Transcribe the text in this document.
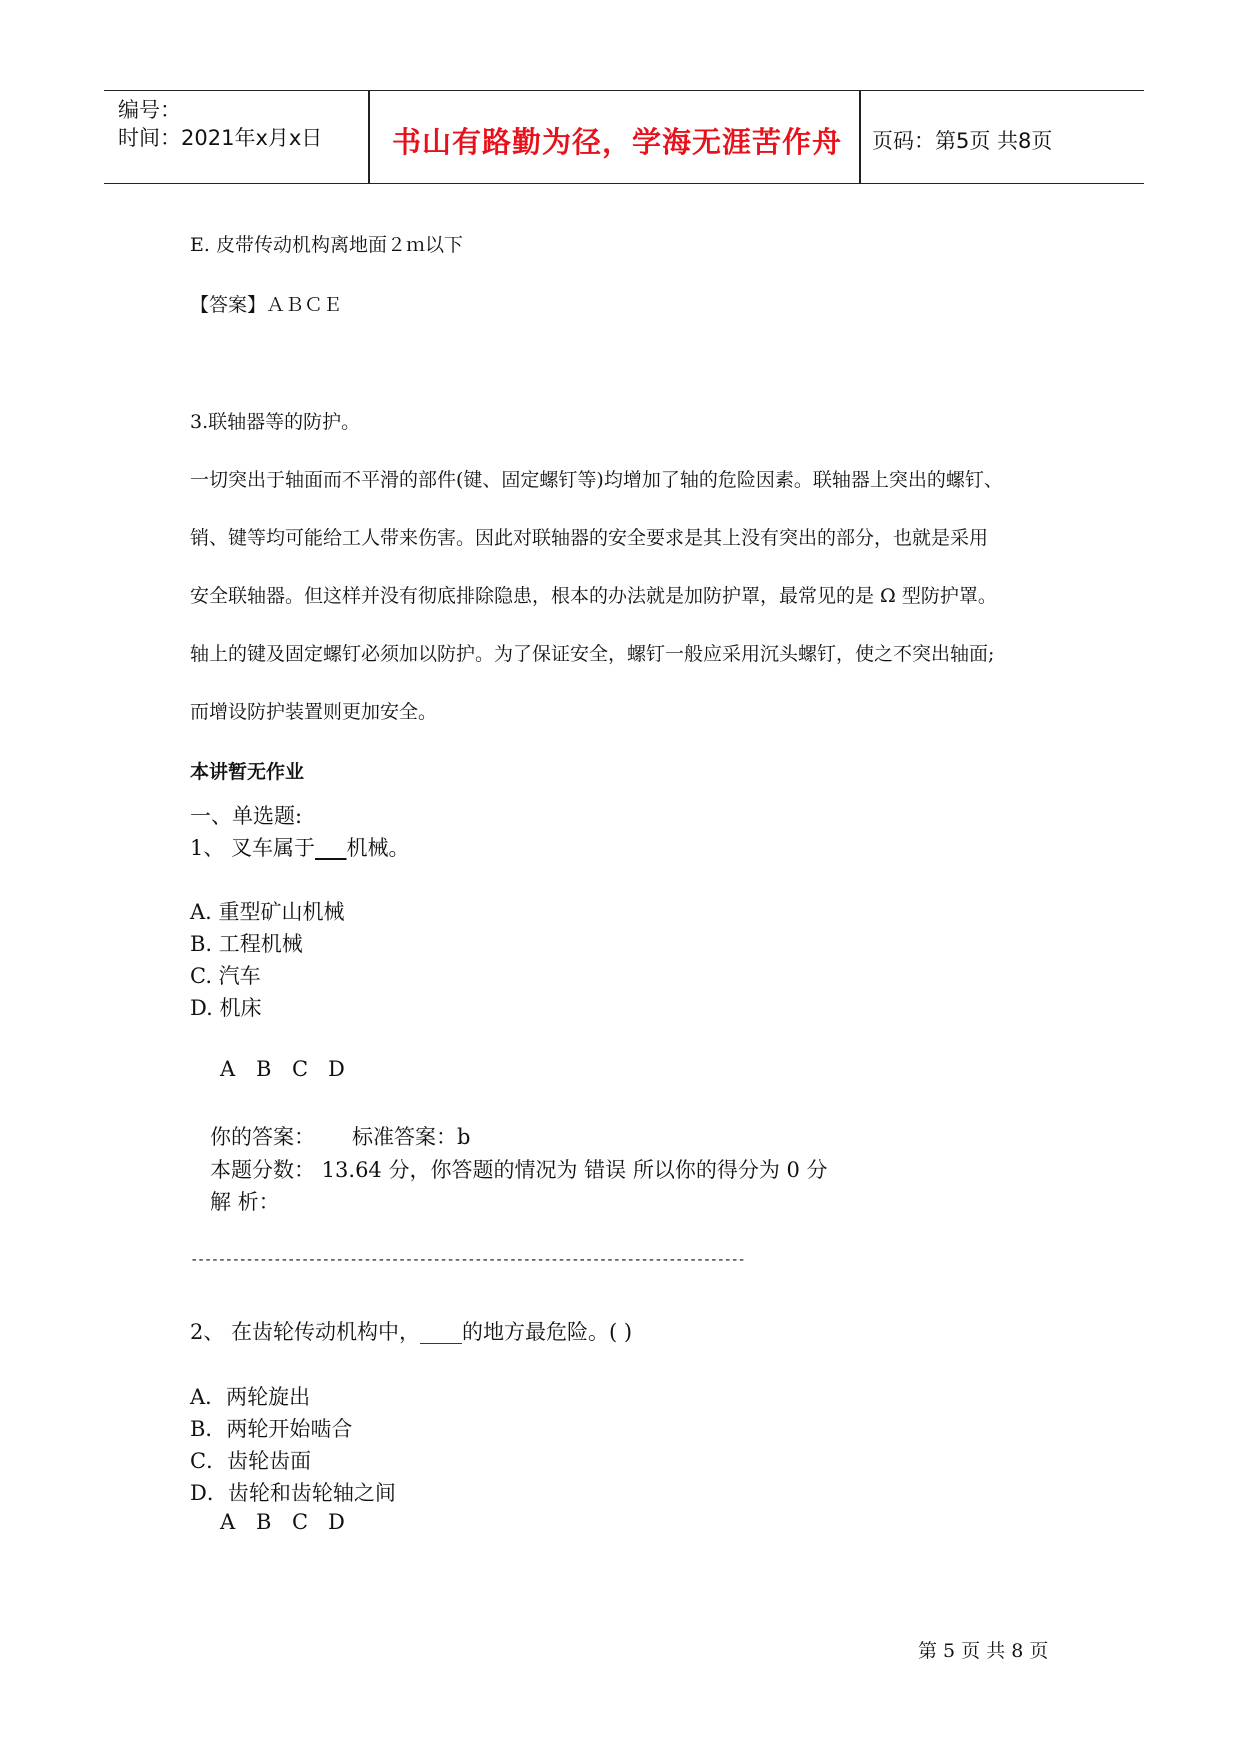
编号：
时间：2021年x月x日 书山有路勤为径，学海无涯苦作舟 页码：第5页 共8页
E. 皮带传动机构离地面２ｍ以下
【答案】ＡＢＣＥ
3.联轴器等的防护。
一切突出于轴面而不平滑的部件(键、固定螺钉等)均增加了轴的危险因素。联轴器上突出的螺钉、
销、键等均可能给工人带来伤害。因此对联轴器的安全要求是其上没有突出的部分，也就是采用
安全联轴器。但这样并没有彻底排除隐患，根本的办法就是加防护罩，最常见的是 Ω 型防护罩。
轴上的键及固定螺钉必须加以防护。为了保证安全，螺钉一般应采用沉头螺钉，使之不突出轴面;
而增设防护装置则更加安全。
本讲暂无作业
一、单选题:
1、 叉车属于___机械。
A. 重型矿山机械
B. 工程机械
C. 汽车
D. 机床
A B C D
你的答案： 标准答案：b
本题分数： 13.64 分，你答题的情况为 错误 所以你的得分为 0 分
解 析：
--------------------------------------------------------------------------------
2、 在齿轮传动机构中，____的地方最危险。( )
A．两轮旋出
B．两轮开始啮合
C．齿轮齿面
D．齿轮和齿轮轴之间
A B C D
第 5 页 共 8 页
